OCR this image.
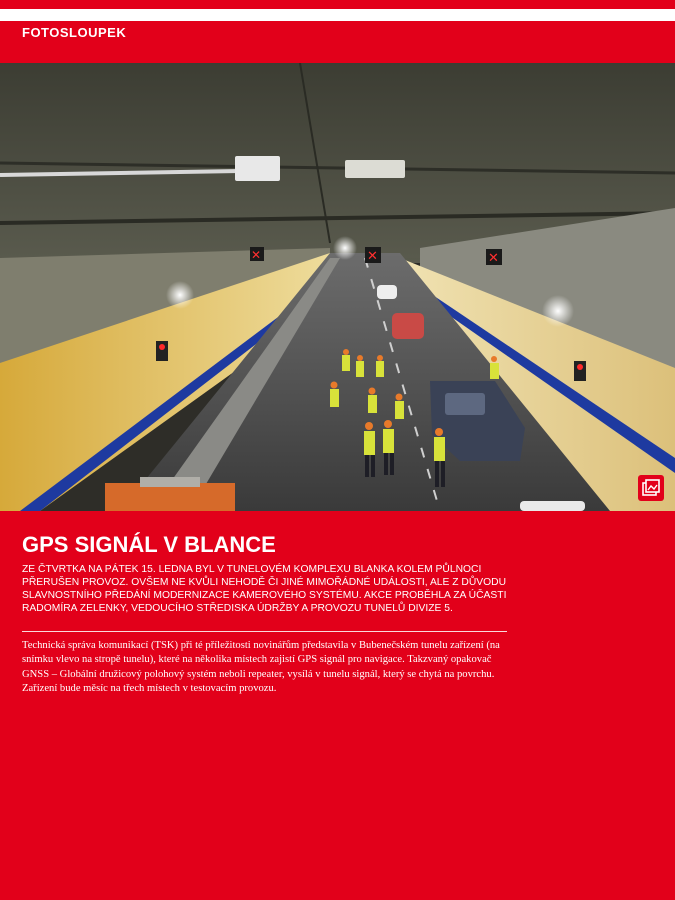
FOTOSLOUPEK
✕	✕	✕
GPS SIGNÁL V BLANCE

ZE ČTVRTKA NA PÁTEK 15. LEDNA BYL V TUNELOVÉM KOMPLEXU BLANKA KOLEM PŮLNOCI PŘERUŠEN PROVOZ. OVŠEM NE KVŮLI NEHODĚ ČI JINÉ MIMOŘÁDNÉ UDÁLOSTI, ALE Z DŮVODU SLAVNOSTNÍHO PŘEDÁNÍ MODERNIZACE KAMEROVÉHO SYSTÉMU. AKCE PROBĚHLA ZA ÚČASTI RADOMÍRA ZELENKY, VEDOUCÍHO STŘEDISKA ÚDRŽBY A PROVOZU TUNELŮ DIVIZE 5.

Technická správa komunikací (TSK) při té příležitosti novinářům představila v Bubenečském tunelu zařízení (na snímku vlevo na stropě tunelu), které na několika místech zajistí GPS signál pro navigace. Takzvaný opakovač GNSS – Globální družicový polohový systém neboli repeater, vysílá v tunelu signál, který se chytá na povrchu. Zařízení bude měsíc na třech místech v testovacím provozu.
